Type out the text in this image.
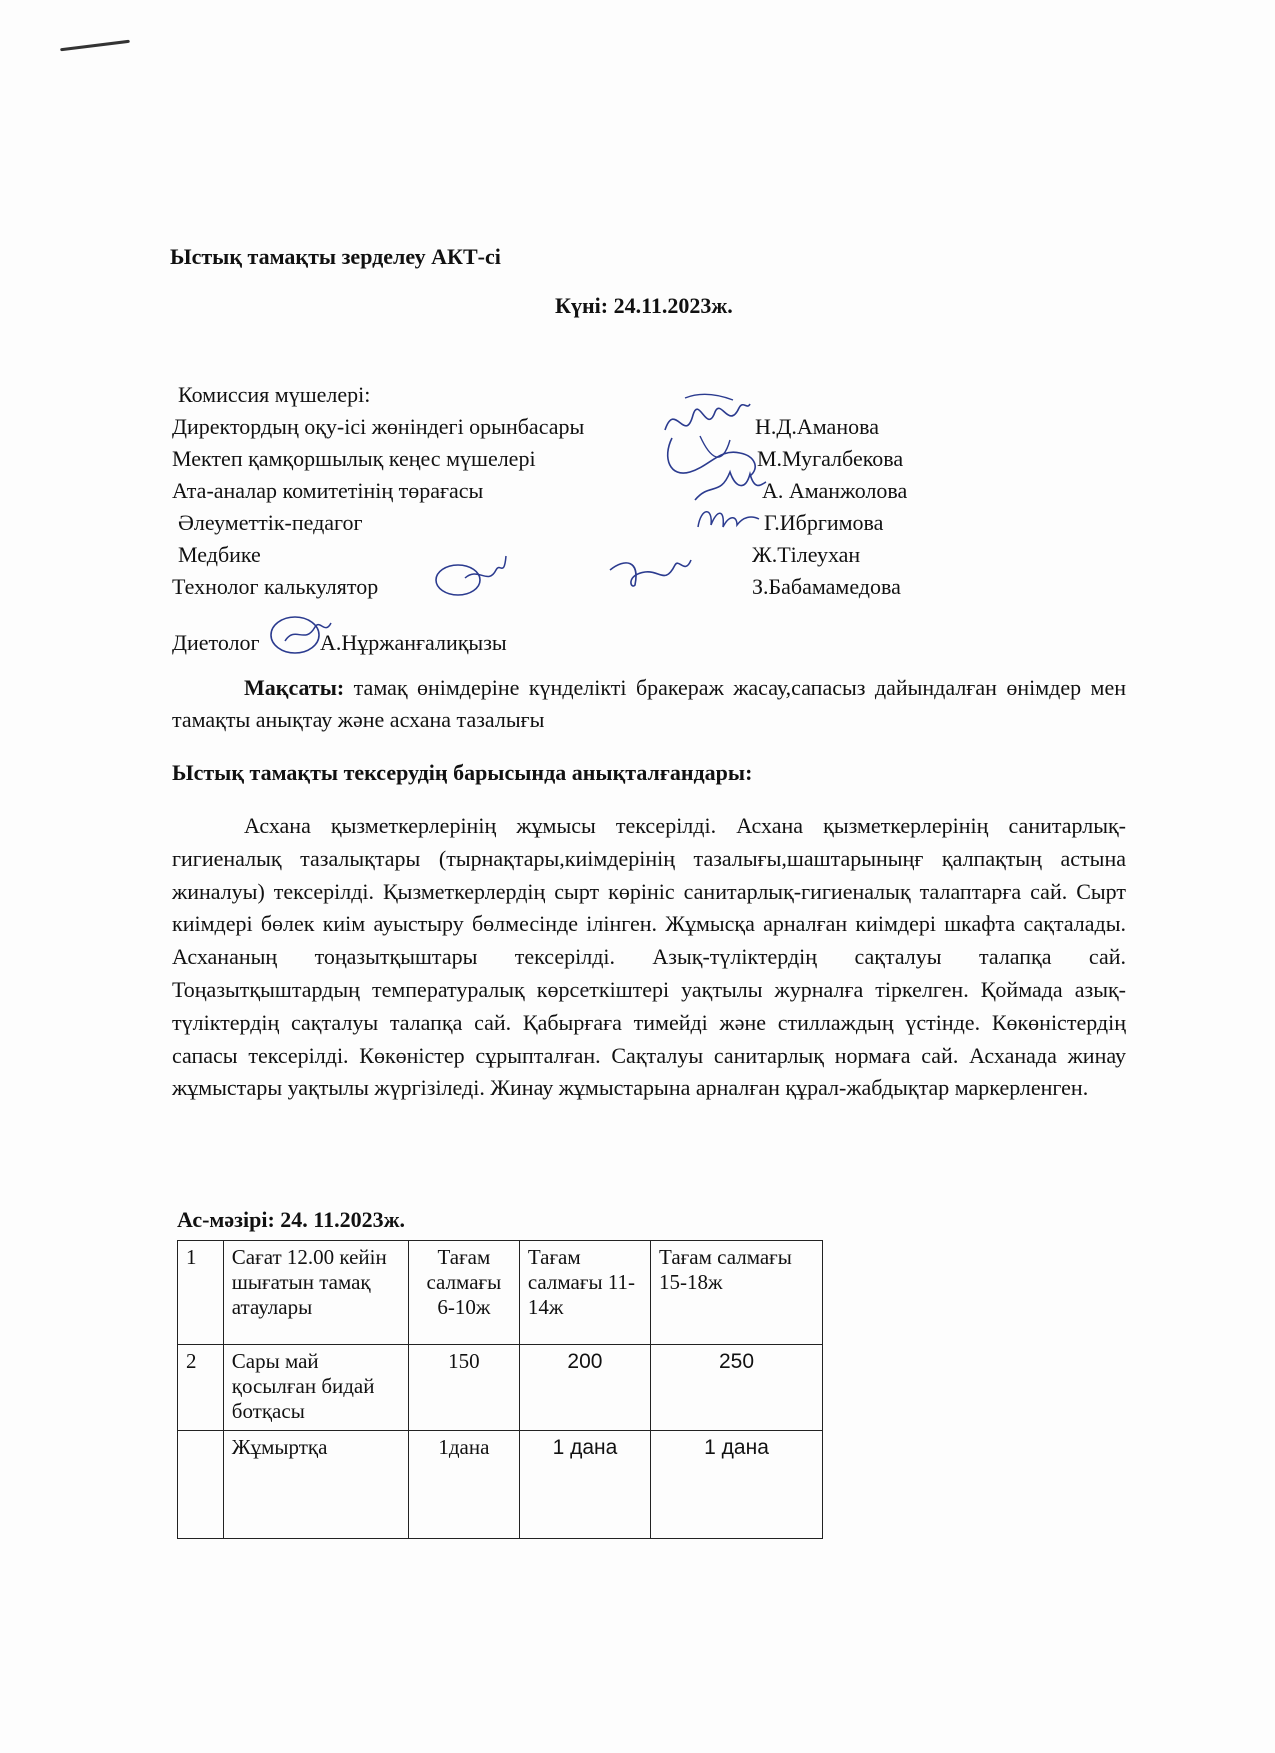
Ыстық тамақты зерделеу АКТ-сі
Күні: 24.11.2023ж.
Комиссия мүшелері:
Директордың оқу-ісі жөніндегі орынбасары	Н.Д.Аманова
Мектеп қамқоршылық кеңес мүшелері	М.Мугалбекова
Ата-аналар комитетінің төрағасы	А. Аманжолова
Әлеуметтік-педагог	Г.Ибргимова
Медбике	Ж.Тілеухан
Технолог калькулятор	З.Бабамамедова
Диетолог	А.Нұржанғалиқызы
Мақсаты: тамақ өнімдеріне күнделікті бракераж жасау,сапасыз дайындалған өнімдер мен тамақты анықтау және асхана тазалығы
Ыстық тамақты тексерудің барысында анықталғандары:
Асхана қызметкерлерінің жұмысы тексерілді. Асхана қызметкерлерінің санитарлық-гигиеналық тазалықтары (тырнақтары,киімдерінің тазалығы,шаштарыныңғ қалпақтың астына жиналуы) тексерілді. Қызметкерлердің сырт көрініс санитарлық-гигиеналық талаптарға сай. Сырт киімдері бөлек киім ауыстыру бөлмесінде ілінген. Жұмысқа арналған киімдері шкафта сақталады. Асхананың тоңазытқыштары тексерілді. Азық-түліктердің сақталуы талапқа сай. Тоңазытқыштардың температуралық көрсеткіштері уақтылы журналға тіркелген. Қоймада азық-түліктердің сақталуы талапқа сай. Қабырғаға тимейді және стиллаждың үстінде. Көкөністердің сапасы тексерілді. Көкөністер сұрыпталған. Сақталуы санитарлық нормаға сай. Асханада жинау жұмыстары уақтылы жүргізіледі. Жинау жұмыстарына арналған құрал-жабдықтар маркерленген.
Ас-мәзірі: 24. 11.2023ж.
1	Сағат 12.00 кейін шығатын тамақ атаулары	Тағам салмағы 6-10ж	Тағам салмағы 11-14ж	Тағам салмағы 15-18ж
2	Сары май қосылған бидай ботқасы	150	200	250
	Жұмыртқа	1дана	1 дана	1 дана
